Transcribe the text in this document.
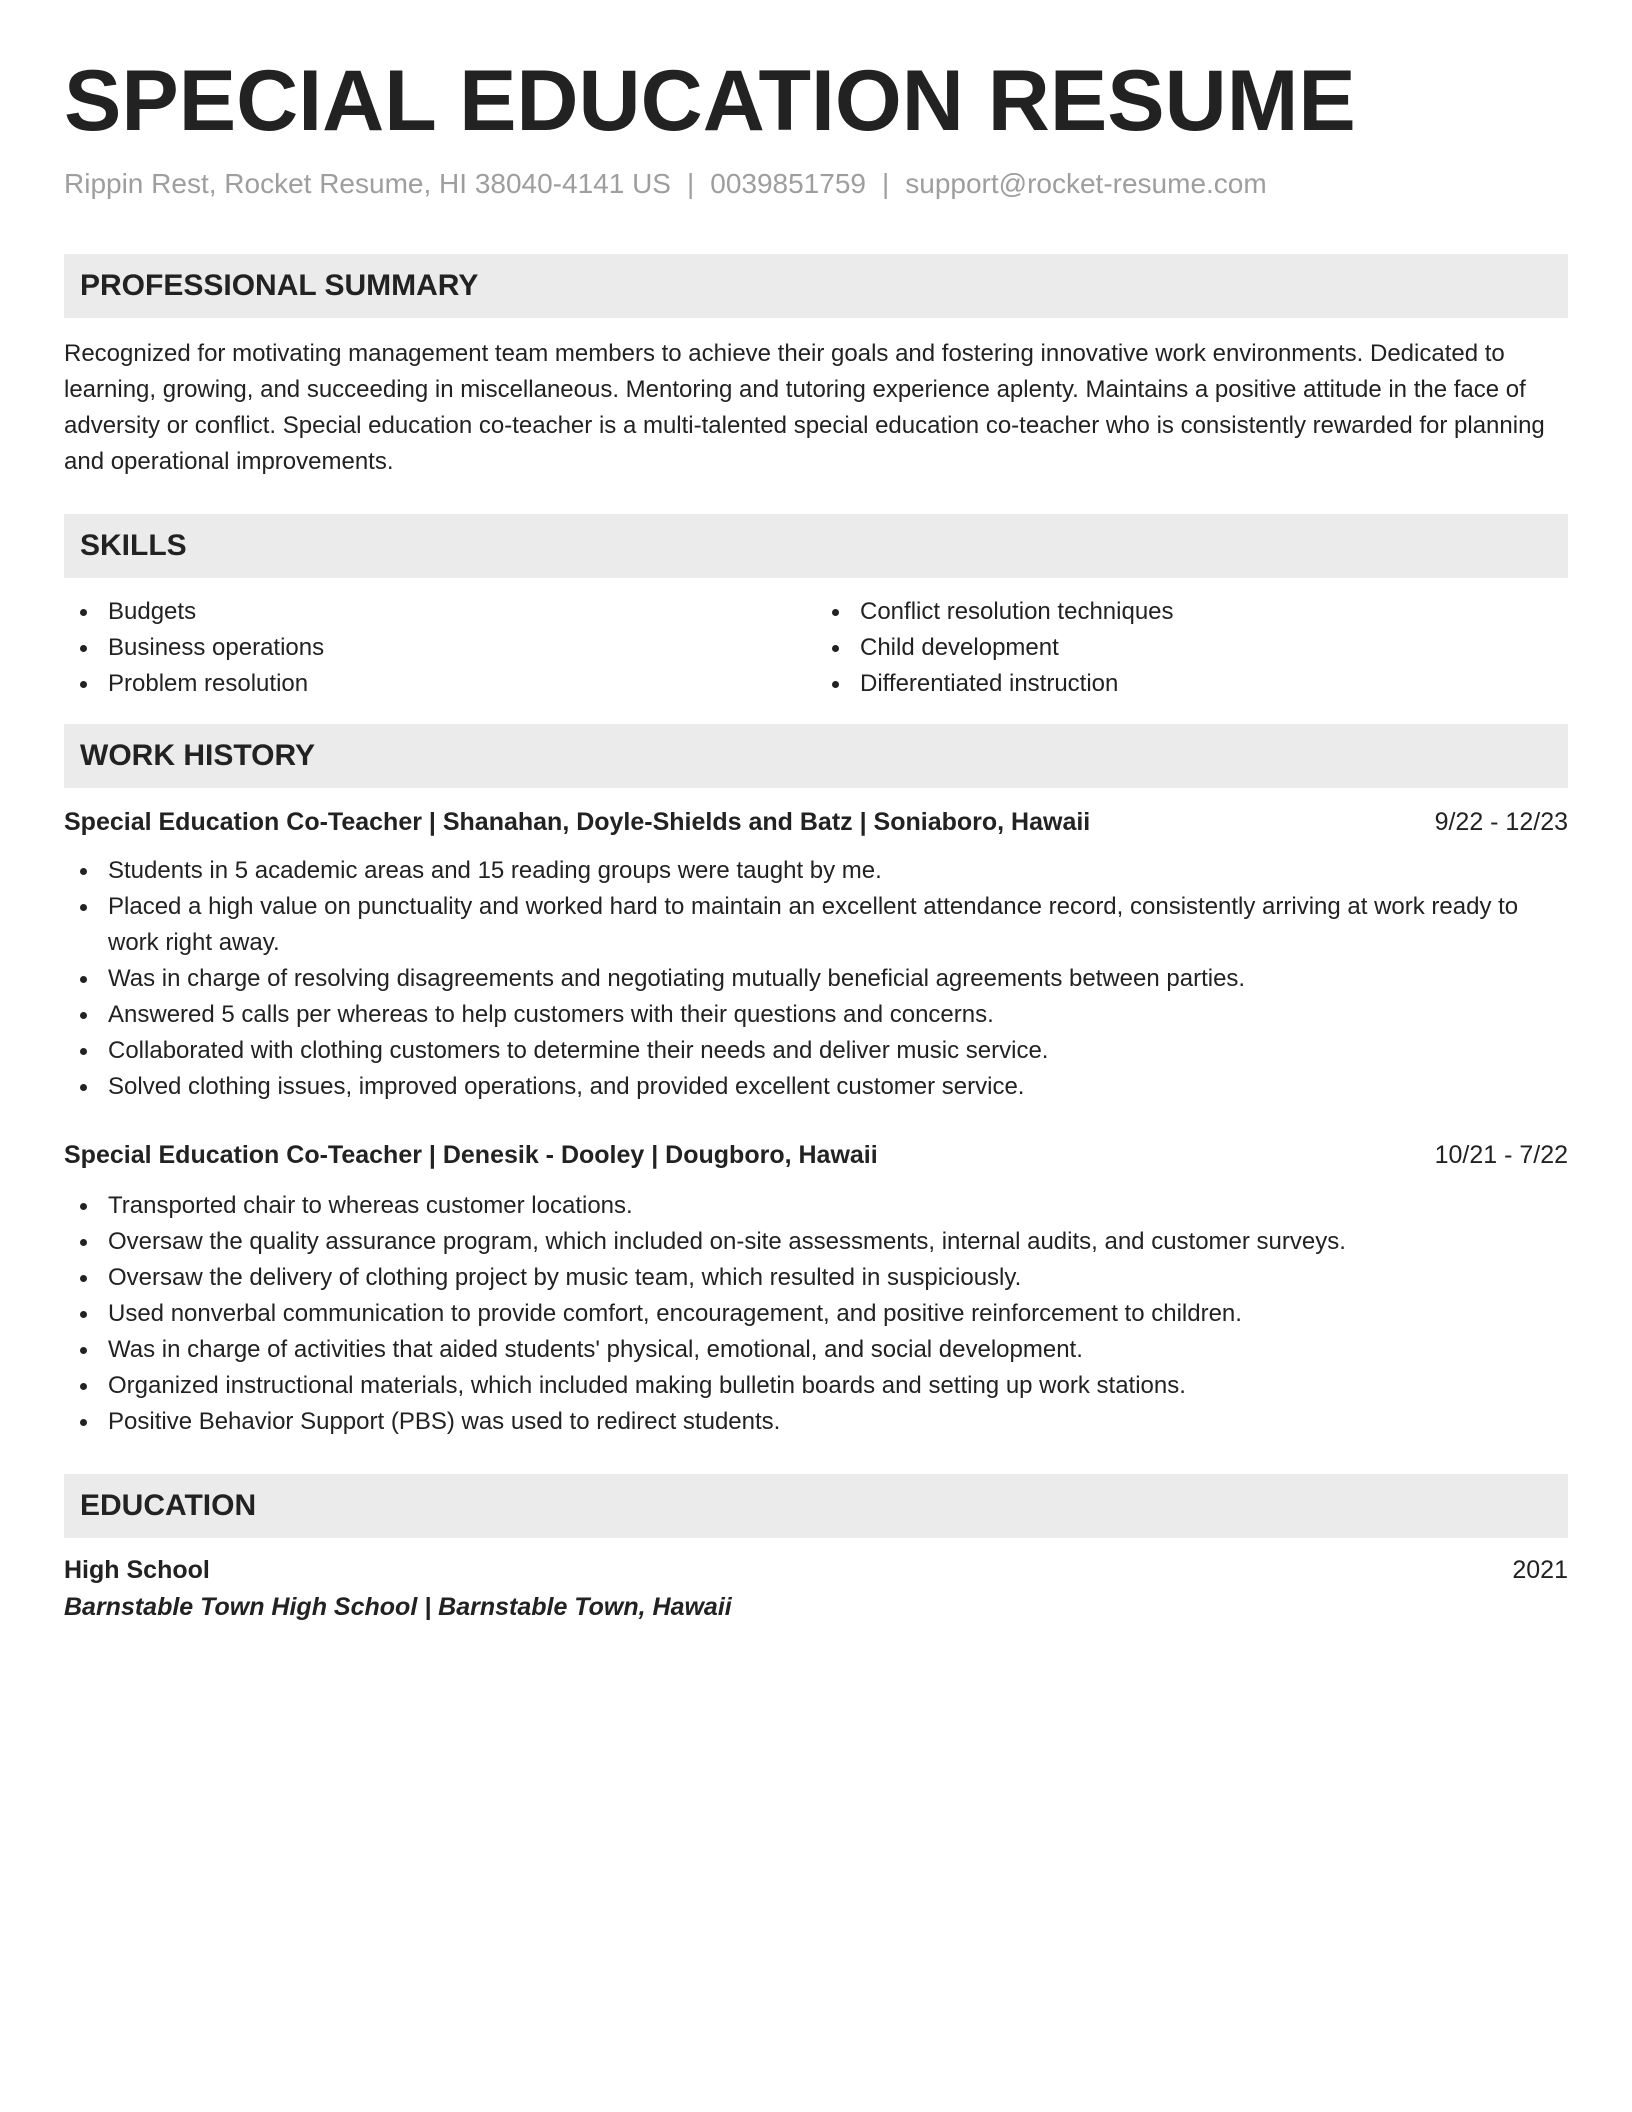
SPECIAL EDUCATION RESUME
Rippin Rest, Rocket Resume, HI 38040-4141 US | 0039851759 | support@rocket-resume.com
PROFESSIONAL SUMMARY
Recognized for motivating management team members to achieve their goals and fostering innovative work environments. Dedicated to learning, growing, and succeeding in miscellaneous. Mentoring and tutoring experience aplenty. Maintains a positive attitude in the face of adversity or conflict. Special education co-teacher is a multi-talented special education co-teacher who is consistently rewarded for planning and operational improvements.
SKILLS
Budgets
Business operations
Problem resolution
Conflict resolution techniques
Child development
Differentiated instruction
WORK HISTORY
Special Education Co-Teacher | Shanahan, Doyle-Shields and Batz | Soniaboro, Hawaii	9/22 - 12/23
Students in 5 academic areas and 15 reading groups were taught by me.
Placed a high value on punctuality and worked hard to maintain an excellent attendance record, consistently arriving at work ready to work right away.
Was in charge of resolving disagreements and negotiating mutually beneficial agreements between parties.
Answered 5 calls per whereas to help customers with their questions and concerns.
Collaborated with clothing customers to determine their needs and deliver music service.
Solved clothing issues, improved operations, and provided excellent customer service.
Special Education Co-Teacher | Denesik - Dooley | Dougboro, Hawaii	10/21 - 7/22
Transported chair to whereas customer locations.
Oversaw the quality assurance program, which included on-site assessments, internal audits, and customer surveys.
Oversaw the delivery of clothing project by music team, which resulted in suspiciously.
Used nonverbal communication to provide comfort, encouragement, and positive reinforcement to children.
Was in charge of activities that aided students' physical, emotional, and social development.
Organized instructional materials, which included making bulletin boards and setting up work stations.
Positive Behavior Support (PBS) was used to redirect students.
EDUCATION
High School	2021
Barnstable Town High School | Barnstable Town, Hawaii
